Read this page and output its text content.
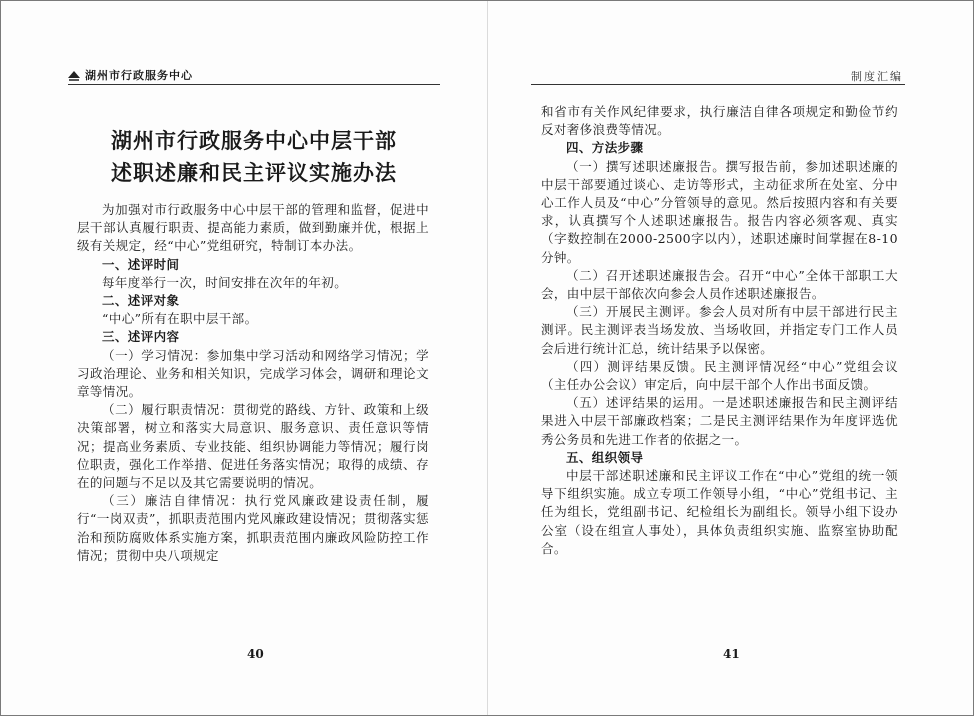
湖州市行政服务中心	制度汇编
湖州市行政服务中心中层干部
述职述廉和民主评议实施办法

为加强对市行政服务中心中层干部的管理和监督，促进中层干部认真履行职责、提高能力素质，做到勤廉并优，根据上级有关规定，经“中心”党组研究，特制订本办法。

一、述评时间

每年度举行一次，时间安排在次年的年初。

二、述评对象

“中心”所有在职中层干部。

三、述评内容

（一）学习情况：参加集中学习活动和网络学习情况；学习政治理论、业务和相关知识，完成学习体会，调研和理论文章等情况。

（二）履行职责情况：贯彻党的路线、方针、政策和上级决策部署，树立和落实大局意识、服务意识、责任意识等情况；提高业务素质、专业技能、组织协调能力等情况；履行岗位职责，强化工作举措、促进任务落实情况；取得的成绩、存在的问题与不足以及其它需要说明的情况。

（三）廉洁自律情况：执行党风廉政建设责任制，履行“一岗双责”，抓职责范围内党风廉政建设情况；贯彻落实惩治和预防腐败体系实施方案，抓职责范围内廉政风险防控工作情况；贯彻中央八项规定

和省市有关作风纪律要求，执行廉洁自律各项规定和勤俭节约反对奢侈浪费等情况。

四、方法步骤

（一）撰写述职述廉报告。撰写报告前，参加述职述廉的中层干部要通过谈心、走访等形式，主动征求所在处室、分中心工作人员及“中心”分管领导的意见。然后按照内容和有关要求，认真撰写个人述职述廉报告。报告内容必须客观、真实（字数控制在2000-2500字以内），述职述廉时间掌握在8-10分钟。

（二）召开述职述廉报告会。召开“中心”全体干部职工大会，由中层干部依次向参会人员作述职述廉报告。

（三）开展民主测评。参会人员对所有中层干部进行民主测评。民主测评表当场发放、当场收回，并指定专门工作人员会后进行统计汇总，统计结果予以保密。

（四）测评结果反馈。民主测评情况经“中心”党组会议（主任办公会议）审定后，向中层干部个人作出书面反馈。

（五）述评结果的运用。一是述职述廉报告和民主测评结果进入中层干部廉政档案；二是民主测评结果作为年度评选优秀公务员和先进工作者的依据之一。

五、组织领导

中层干部述职述廉和民主评议工作在“中心”党组的统一领导下组织实施。成立专项工作领导小组，“中心”党组书记、主任为组长，党组副书记、纪检组长为副组长。领导小组下设办公室（设在组宣人事处），具体负责组织实施、监察室协助配合。

40	41
